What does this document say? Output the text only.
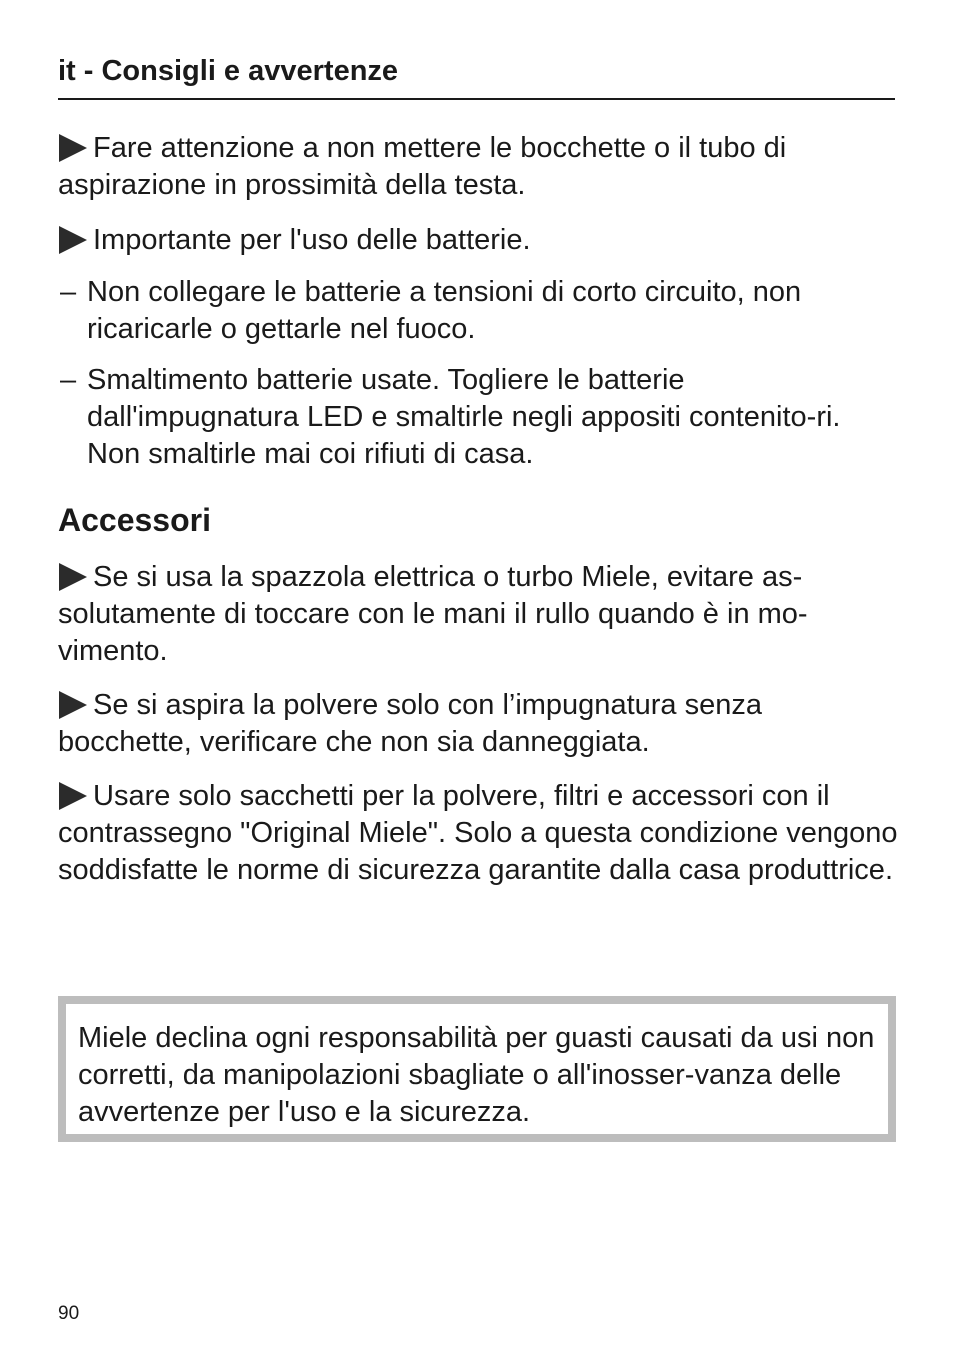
it - Consigli e avvertenze
Fare attenzione a non mettere le bocchette o il tubo di aspirazione in prossimità della testa.
Importante per l'uso delle batterie.
– Non collegare le batterie a tensioni di corto circuito, non ricaricarle o gettarle nel fuoco.
– Smaltimento batterie usate. Togliere le batterie dall'impugnatura LED e smaltirle negli appositi contenito-ri. Non smaltirle mai coi rifiuti di casa.
Accessori
Se si usa la spazzola elettrica o turbo Miele, evitare as-solutamente di toccare con le mani il rullo quando è in mo-vimento.
Se si aspira la polvere solo con l’impugnatura senza bocchette, verificare che non sia danneggiata.
Usare solo sacchetti per la polvere, filtri e accessori con il contrassegno "Original Miele". Solo a questa condizione vengono soddisfatte le norme di sicurezza garantite dalla casa produttrice.
Miele declina ogni responsabilità per guasti causati da usi non corretti, da manipolazioni sbagliate o all'inosser-vanza delle avvertenze per l'uso e la sicurezza.
90
